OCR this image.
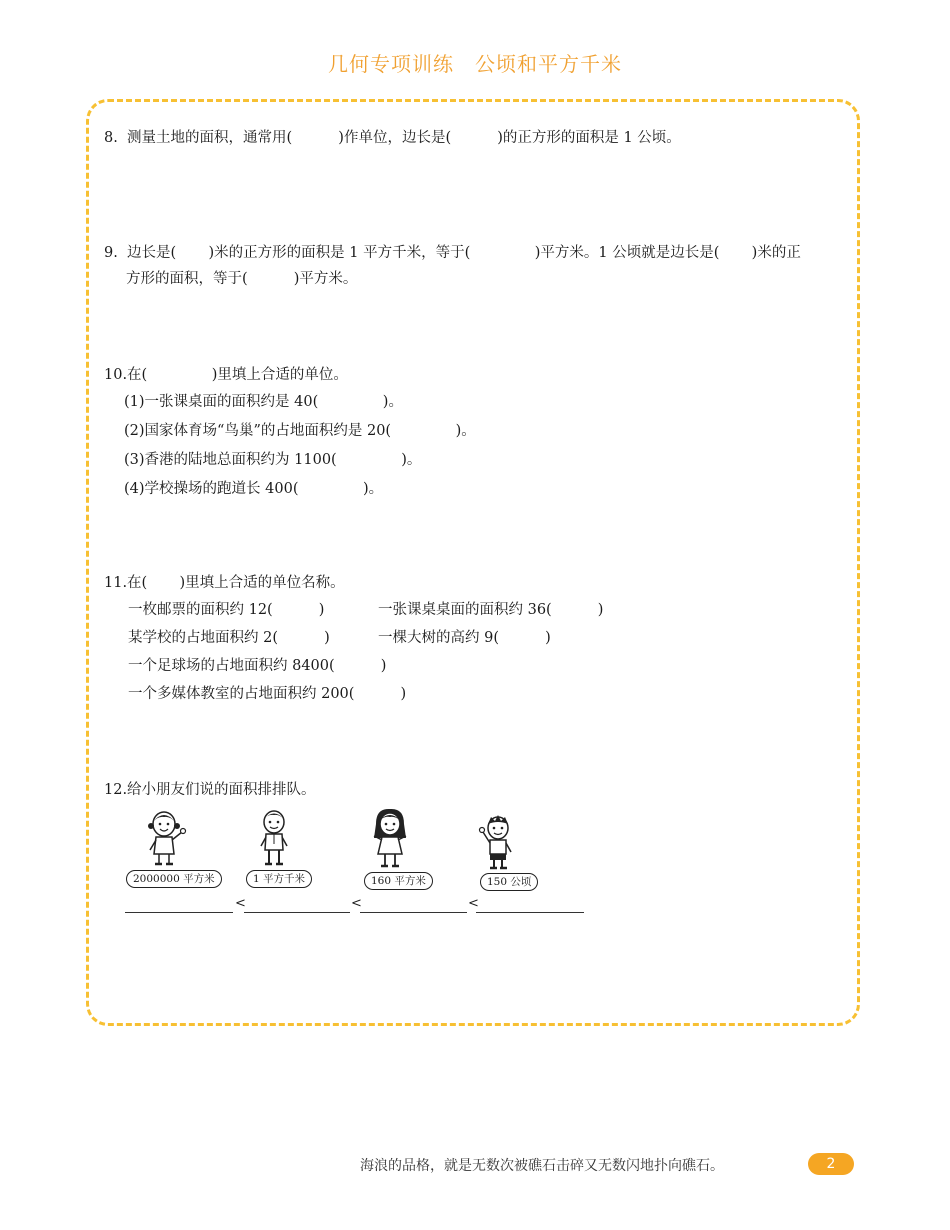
几何专项训练　公顷和平方千米
8.  测量土地的面积，通常用(          )作单位，边长是(          )的正方形的面积是 1 公顷。
9.  边长是(       )米的正方形的面积是 1 平方千米，等于(              )平方米。1 公顷就是边长是(       )米的正
方形的面积，等于(          )平方米。
10.在(              )里填上合适的单位。
(1)一张课桌面的面积约是 40(              )。
(2)国家体育场“鸟巢”的占地面积约是 20(              )。
(3)香港的陆地总面积约为 1100(              )。
(4)学校操场的跑道长 400(              )。
11.在(       )里填上合适的单位名称。
一枚邮票的面积约 12(          )	一张课桌桌面的面积约 36(          )
某学校的占地面积约 2(          )	一棵大树的高约 9(          )
一个足球场的占地面积约 8400(          )
一个多媒体教室的占地面积约 200(          )
12.给小朋友们说的面积排排队。
2000000 平方米	1 平方千米	160 平方米	150 公顷
<	<	<
海浪的品格，就是无数次被礁石击碎又无数闪地扑向礁石。	2
